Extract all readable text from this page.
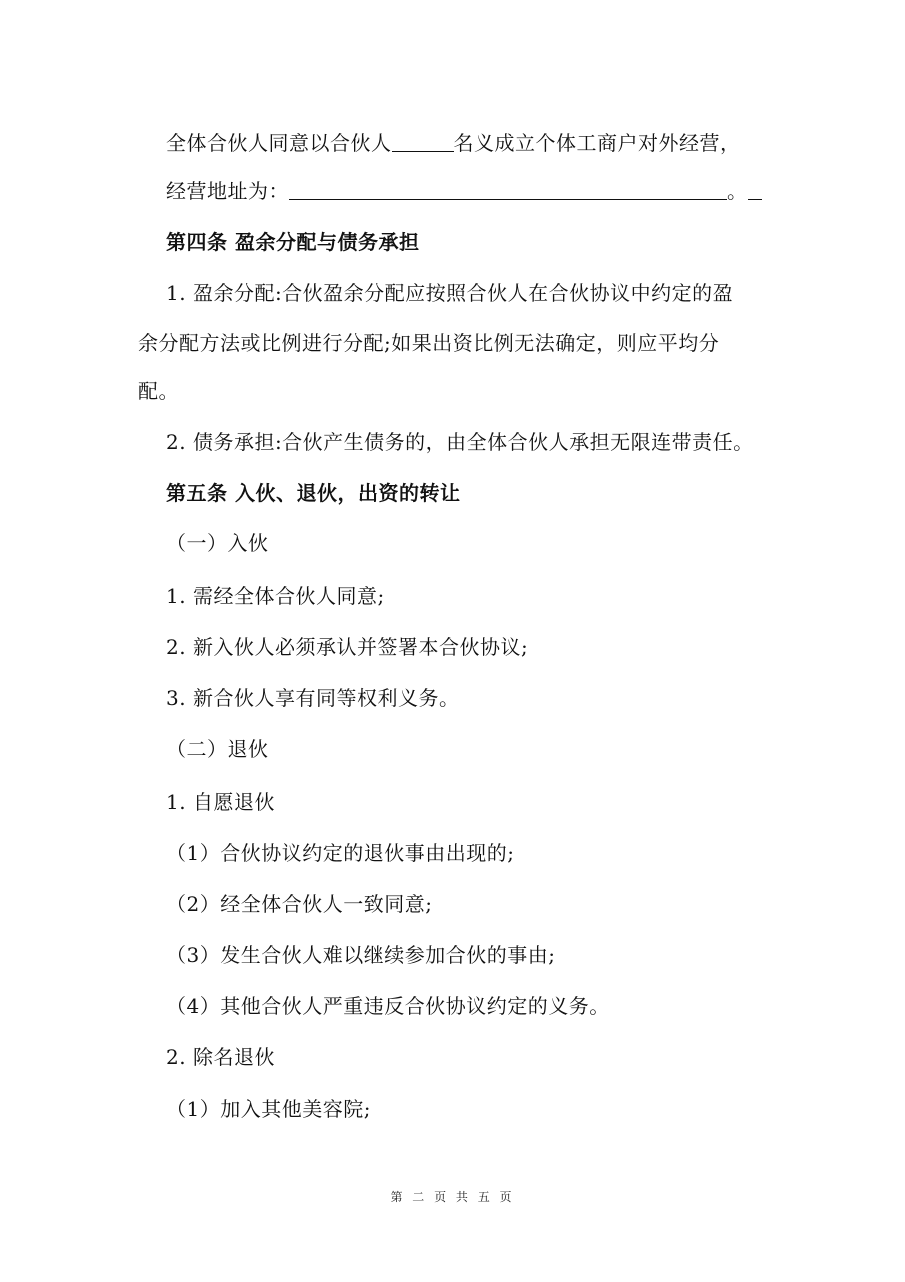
全体合伙人同意以合伙人	名义成立个体工商户对外经营，
经营地址为：	。
第四条 盈余分配与债务承担
1. 盈余分配:合伙盈余分配应按照合伙人在合伙协议中约定的盈
余分配方法或比例进行分配;如果出资比例无法确定，则应平均分
配。
2. 债务承担:合伙产生债务的，由全体合伙人承担无限连带责任。
第五条 入伙、退伙，出资的转让
（一）入伙
1. 需经全体合伙人同意;
2. 新入伙人必须承认并签署本合伙协议;
3. 新合伙人享有同等权利义务。
（二）退伙
1. 自愿退伙
（1）合伙协议约定的退伙事由出现的;
（2）经全体合伙人一致同意;
（3）发生合伙人难以继续参加合伙的事由;
（4）其他合伙人严重违反合伙协议约定的义务。
2. 除名退伙
（1）加入其他美容院;
第 二 页 共 五 页
